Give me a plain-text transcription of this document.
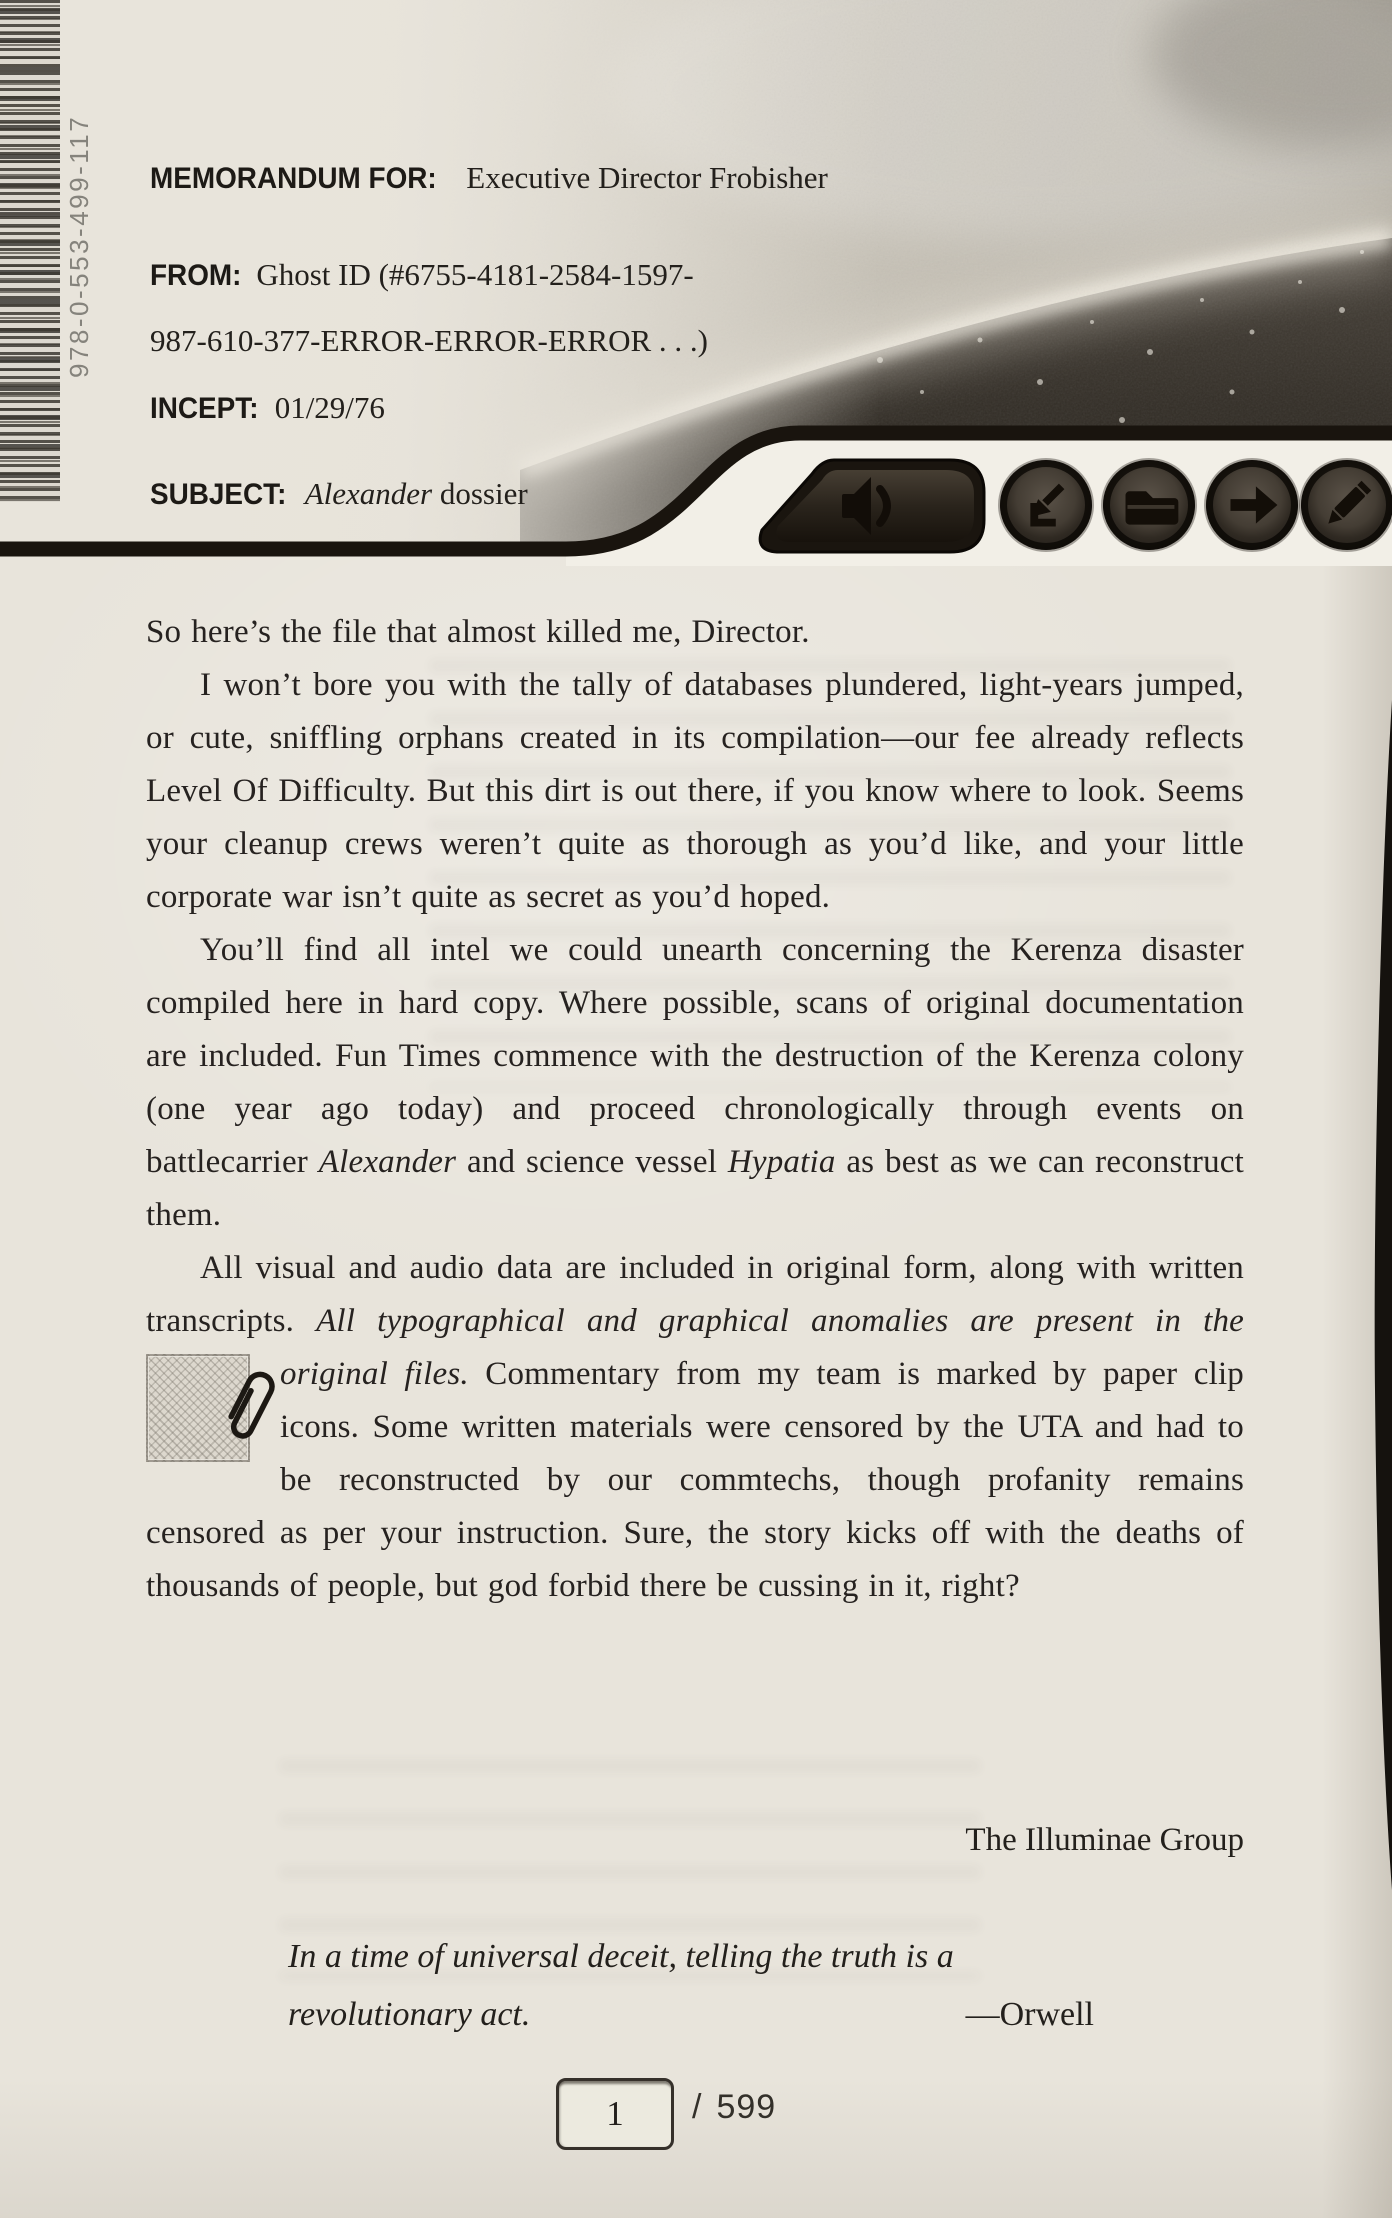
978-0-553-499-117 MEMORANDUM FOR: Executive Director Frobisher
FROM: Ghost ID (#6755-4181-2584-1597-
987-610-377-ERROR-ERROR-ERROR . . .)
INCEPT: 01/29/76
SUBJECT: Alexander dossier

So here’s the file that almost killed me, Director.

I won’t bore you with the tally of databases plundered, light-years jumped, or cute, sniffling orphans created in its compilation—our fee already reflects Level Of Difficulty. But this dirt is out there, if you know where to look. Seems your cleanup crews weren’t quite as thorough as you’d like, and your little corporate war isn’t quite as secret as you’d hoped.

You’ll find all intel we could unearth concerning the Kerenza disaster compiled here in hard copy. Where possible, scans of original documentation are included. Fun Times commence with the destruction of the Kerenza colony (one year ago today) and proceed chronologically through events on battlecarrier Alexander and science vessel Hypatia as best as we can reconstruct them.

All visual and audio data are included in original form, along with written transcripts. All typographical and graphical anomalies are present in the original files. Commentary from my team is
marked by paper clip icons. Some written materials were censored by the UTA and had to be reconstructed by our commtechs, though profanity remains censored as per your instruction. Sure, the story kicks off with the deaths of thousands of people, but god forbid there be cussing in it, right?

The Illuminae Group
In a time of universal deceit, telling the truth is a
revolutionary act.	—Orwell
1	/ 599
